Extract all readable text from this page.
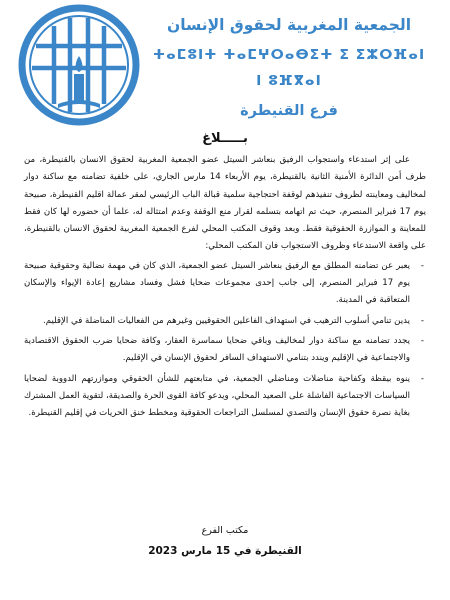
الجمعية المغربية لحقوق الإنسان
ⵜⴰⵎⵓⵏⵜ ⵜⴰⵎⵖⵔⴰⴱⵉⵜ ⵉ ⵉⵣⵔⴼⴰⵏ ⵏ ⵓⴼⴳⴰⵏ
فرع القنيطرة
بـــــلاغ

على إثر استدعاء واستجواب الرفيق بنعاشر السيتل عضو الجمعية المغربية لحقوق الانسان بالقنيطرة، من طرف أمن الدائرة الأمنية الثانية بالقنيطرة، يوم الأربعاء 14 مارس الجاري، على خلفية تضامنه مع ساكنة دوار لمخاليف ومعاينته لظروف تنفيذهم لوقفة احتجاجية سلمية قبالة الباب الرئيسي لمقر عمالة اقليم القنيطرة، صبيحة يوم 17 فبراير المنصرم، حيث تم اتهامه بتسلمه لقرار منع الوقفة وعدم امتثاله له، علما أن حضوره لها كان فقط للمعاينة و الموازرة الحقوقية فقط. وبعد وقوف المكتب المحلي لفرع الجمعية المغربية لحقوق الانسان بالقنيطرة، على واقعة الاستدعاء وظروف الاستجواب فان المكتب المحلي:

- يعبر عن تضامنه المطلق مع الرفيق بنعاشر السيتل عضو الجمعية، الذي كان في مهمة نضالية وحقوقية صبيحة يوم 17 فبراير المنصرم، إلى جانب إحدى مجموعات ضحايا فشل وفساد مشاريع إعادة الإيواء والإسكان المتعاقبة في المدينة.
- يدين تنامي أسلوب الترهيب في استهداف الفاعلين الحقوقيين وغيرهم من الفعاليات المناضلة في الإقليم.
- يجدد تضامنه مع ساكنة دوار لمخاليف وباقي ضحايا سماسرة العقار، وكافة ضحايا ضرب الحقوق الاقتصادية والاجتماعية في الإقليم ويندد بتنامي الاستهداف السافر لحقوق الإنسان في الإقليم.
- ينوه بيقظة وكفاحية مناضلات ومناضلي الجمعية، في متابعتهم للشأن الحقوقي وموازرتهم الدووبة لضحايا السياسات الاجتماعية الفاشلة على الصعيد المحلي، ويدعو كافة القوى الحرة والصديقة، لتقوية العمل المشترك بغاية نصرة حقوق الإنسان والتصدي لمسلسل التراجعات الحقوقية ومخطط خنق الحريات في إقليم القنيطرة.
مكتب الفرع
القنيطرة في 15 مارس 2023
